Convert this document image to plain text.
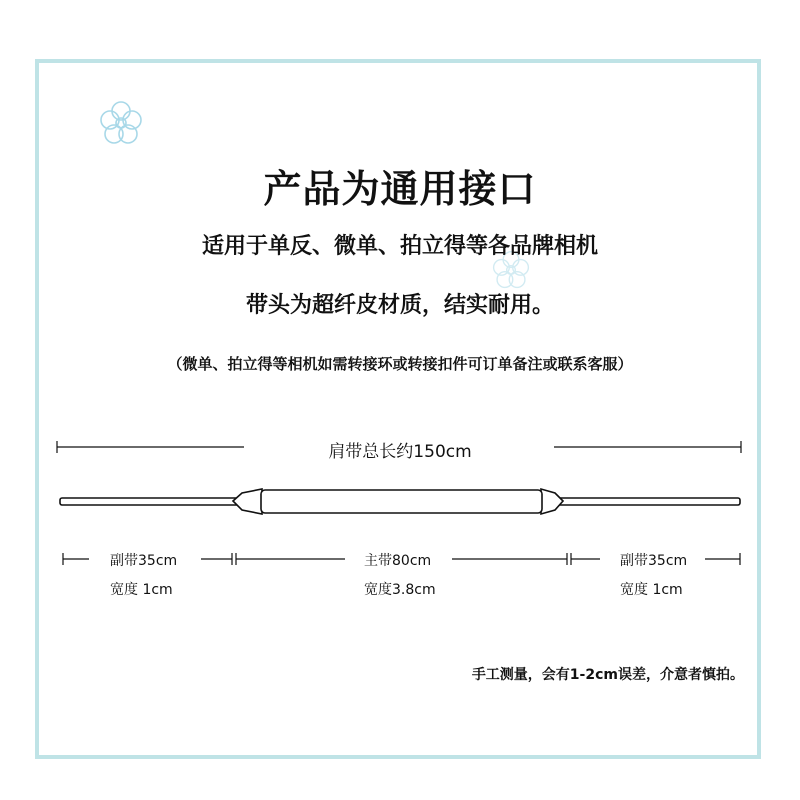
产品为通用接口
适用于单反、微单、拍立得等各品牌相机
带头为超纤皮材质，结实耐用。
（微单、拍立得等相机如需转接环或转接扣件可订单备注或联系客服）
肩带总长约150cm
副带35cm
宽度 1cm
主带80cm
宽度3.8cm
副带35cm
宽度 1cm
手工测量，会有1-2cm误差，介意者慎拍。
